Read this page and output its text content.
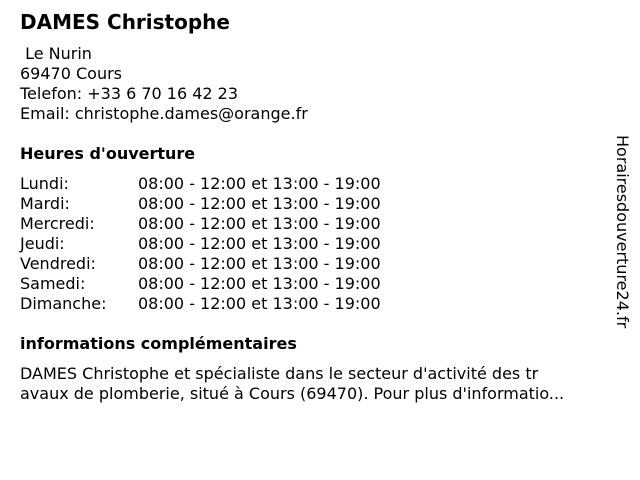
DAMES Christophe
Le Nurin
69470 Cours
Telefon: +33 6 70 16 42 23
Email: christophe.dames@orange.fr
Heures d'ouverture
Lundi:	08:00 - 12:00 et 13:00 - 19:00
Mardi:	08:00 - 12:00 et 13:00 - 19:00
Mercredi:	08:00 - 12:00 et 13:00 - 19:00
Jeudi:	08:00 - 12:00 et 13:00 - 19:00
Vendredi:	08:00 - 12:00 et 13:00 - 19:00
Samedi:	08:00 - 12:00 et 13:00 - 19:00
Dimanche: 08:00 - 12:00 et 13:00 - 19:00
informations complémentaires
DAMES Christophe et spécialiste dans le secteur d'activité des tr
avaux de plomberie, situé à Cours (69470). Pour plus d'informatio...
Horairesdouverture24.fr
